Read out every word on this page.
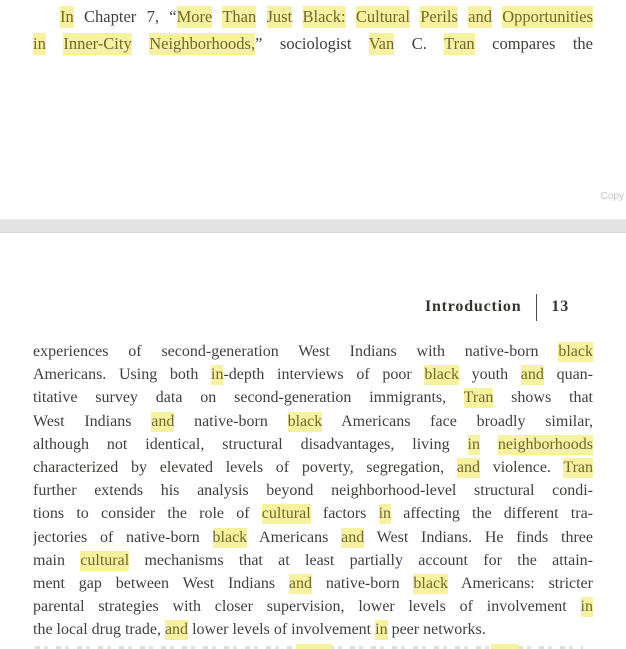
In Chapter 7, “More Than Just Black: Cultural Perils and Opportunities
in Inner-City Neighborhoods,” sociologist Van C. Tran compares the
Copy
Introduction 13
experiences of second-generation West Indians with native-born black
Americans. Using both in-depth interviews of poor black youth and quan-
titative survey data on second-generation immigrants, Tran shows that
West Indians and native-born black Americans face broadly similar,
although not identical, structural disadvantages, living in neighborhoods
characterized by elevated levels of poverty, segregation, and violence. Tran
further extends his analysis beyond neighborhood-level structural condi-
tions to consider the role of cultural factors in affecting the different tra-
jectories of native-born black Americans and West Indians. He finds three
main cultural mechanisms that at least partially account for the attain-
ment gap between West Indians and native-born black Americans: stricter
parental strategies with closer supervision, lower levels of involvement in
the local drug trade, and lower levels of involvement in peer networks.
